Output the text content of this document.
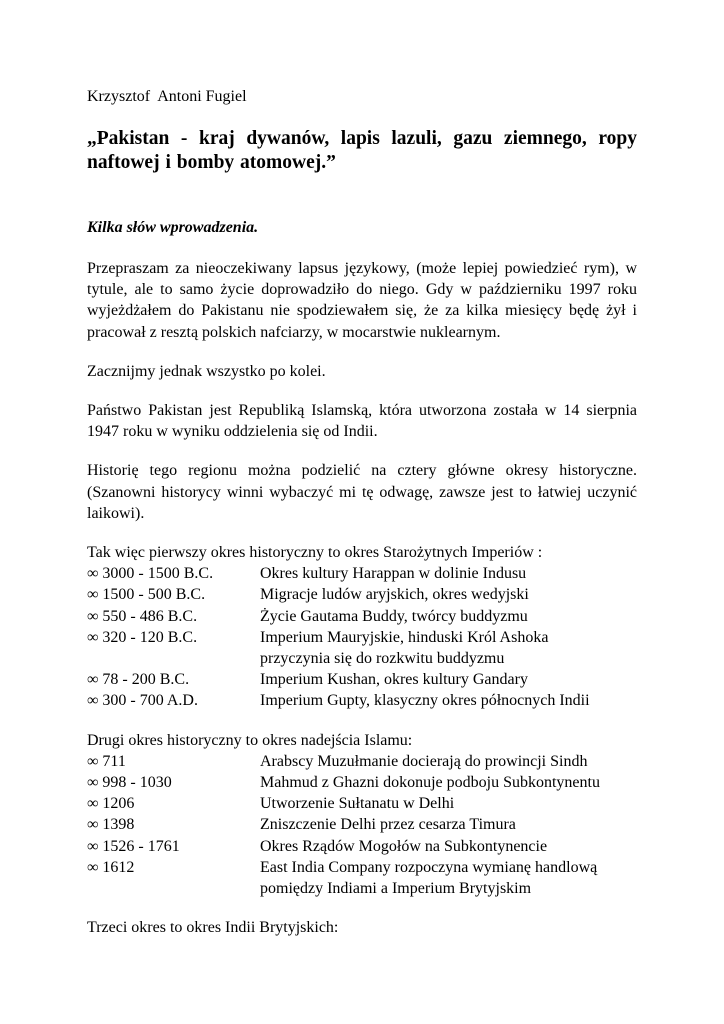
Krzysztof  Antoni Fugiel

„Pakistan - kraj dywanów, lapis lazuli, gazu ziemnego, ropy naftowej i bomby atomowej.”
Kilka słów wprowadzenia.

Przepraszam za nieoczekiwany lapsus językowy, (może lepiej powiedzieć rym), w tytule, ale to samo życie doprowadziło do niego. Gdy w październiku 1997 roku wyjeżdżałem do Pakistanu nie spodziewałem się, że za kilka miesięcy będę żył i pracował z resztą polskich nafciarzy, w mocarstwie nuklearnym.

Zacznijmy jednak wszystko po kolei.

Państwo Pakistan jest Republiką Islamską, która utworzona została w 14 sierpnia 1947 roku w wyniku oddzielenia się od Indii.

Historię tego regionu można podzielić na cztery główne okresy historyczne. (Szanowni historycy winni wybaczyć mi tę odwagę, zawsze jest to łatwiej uczynić laikowi).

Tak więc pierwszy okres historyczny to okres Starożytnych Imperiów :

∞ 3000 - 1500 B.C.	Okres kultury Harappan w dolinie Indusu
∞ 1500 - 500 B.C.	Migracje ludów aryjskich, okres wedyjski
∞ 550 - 486 B.C.	Życie Gautama Buddy, twórcy buddyzmu
∞ 320 - 120 B.C.	Imperium Mauryjskie, hinduski Król Ashoka
przyczynia się do rozkwitu buddyzmu
∞ 78 - 200 B.C.	Imperium Kushan, okres kultury Gandary
∞ 300 - 700 A.D.	Imperium Gupty, klasyczny okres północnych Indii

Drugi okres historyczny to okres nadejścia Islamu:

∞ 711	Arabscy Muzułmanie docierają do prowincji Sindh
∞ 998 - 1030	Mahmud z Ghazni dokonuje podboju Subkontynentu
∞ 1206	Utworzenie Sułtanatu w Delhi
∞ 1398	Zniszczenie Delhi przez cesarza Timura
∞ 1526 - 1761	Okres Rządów Mogołów na Subkontynencie
∞ 1612	East India Company rozpoczyna wymianę handlową
pomiędzy Indiami a Imperium Brytyjskim

Trzeci okres to okres Indii Brytyjskich:
